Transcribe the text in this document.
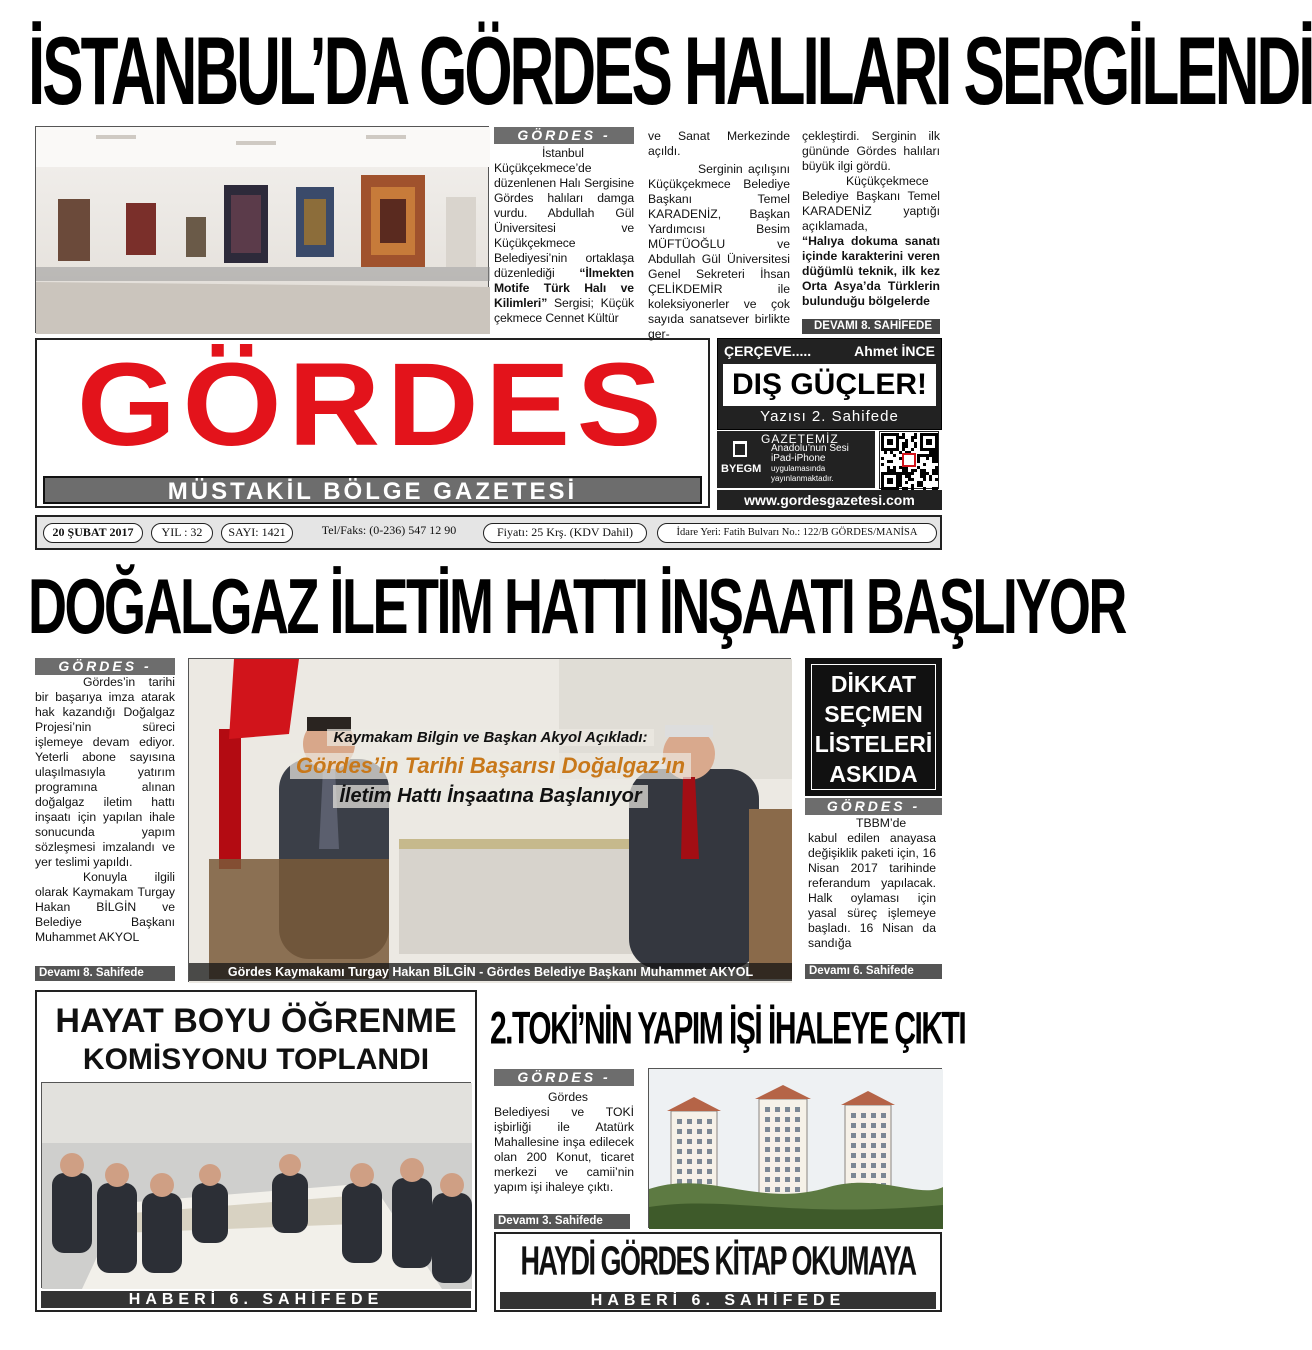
İSTANBUL’DA GÖRDES HALILARI SERGİLENDİ
GÖRDES -

İstanbul Küçükçekmece’de düzenlenen Halı Sergisine Gördes halıları damga vurdu. Abdullah Gül Üniversitesi ve Küçükçekmece Belediyesi’nin ortaklaşa düzenlediği “İlmekten Motife Türk Halı ve Kilimleri” Sergisi; Küçük çekmece Cennet Kültür

ve Sanat Merkezinde açıldı.

Serginin açılışını Küçükçekmece Belediye Başkanı Temel KARADENİZ, Başkan Yardımcısı Besim MÜFTÜOĞLU ve Abdullah Gül Üniversitesi Genel Sekreteri İhsan ÇELİKDEMİR ile koleksiyonerler ve çok sayıda sanatsever birlikte ger-

çekleştirdi. Serginin ilk gününde Gördes halıları büyük ilgi gördü.

Küçükçekmece Belediye Başkanı Temel KARADENİZ yaptığı açıklamada,

“Halıya dokuma sanatı içinde karakterini veren düğümlü teknik, ilk kez Orta Asya’da Türklerin bulunduğu bölgelerde

DEVAMI 8. SAHİFEDE
GÖRDES
MÜSTAKİL BÖLGE GAZETESİ
ÇERÇEVE.....	Ahmet İNCE
DIŞ GÜÇLER!
Yazısı 2. Sahifede
GAZETEMİZ
BYEGM
Anadolu’nun Sesi
iPad-iPhone
uygulamasında
yayınlanmaktadır.
www.gordesgazetesi.com
20 ŞUBAT 2017	YIL : 32	SAYI: 1421	Tel/Faks: (0-236) 547 12 90	Fiyatı: 25 Krş. (KDV Dahil)	İdare Yeri: Fatih Bulvarı No.: 122/B GÖRDES/MANİSA
DOĞALGAZ İLETİM HATTI İNŞAATI BAŞLIYOR
GÖRDES -

Gördes’in tarihi bir başarıya imza atarak hak kazandığı Doğalgaz Projesi’nin süreci işlemeye devam ediyor. Yeterli abone sayısına ulaşılmasıyla yatırım programına alınan doğalgaz iletim hattı inşaatı için yapılan ihale sonucunda yapım sözleşmesi imzalandı ve yer teslimi yapıldı.

Konuyla ilgili olarak Kaymakam Turgay Hakan BİLGİN ve Belediye Başkanı Muhammet AKYOL

Devamı 8. Sahifede
Kaymakam Bilgin ve Başkan Akyol Açıkladı:
Gördes’in Tarihi Başarısı Doğalgaz’ın
İletim Hattı İnşaatına Başlanıyor
Gördes Kaymakamı Turgay Hakan BİLGİN - Gördes Belediye Başkanı Muhammet AKYOL
DİKKAT
SEÇMEN
LİSTELERİ
ASKIDA
GÖRDES -

TBBM’de kabul edilen anayasa değişiklik paketi için, 16 Nisan 2017 tarihinde referandum yapılacak. Halk oylaması için yasal süreç işlemeye başladı. 16 Nisan da sandığa

Devamı 6. Sahifede
HAYAT BOYU ÖĞRENME
KOMİSYONU TOPLANDI
HABERİ 6. SAHİFEDE
2.TOKİ’NİN YAPIM İŞİ İHALEYE ÇIKTI
GÖRDES -

Gördes Belediyesi ve TOKİ işbirliği ile Atatürk Mahallesine inşa edilecek olan 200 Konut, ticaret merkezi ve camii’nin yapım işi ihaleye çıktı.

Devamı 3. Sahifede
HAYDİ GÖRDES KİTAP OKUMAYA
HABERİ 6. SAHİFEDE
